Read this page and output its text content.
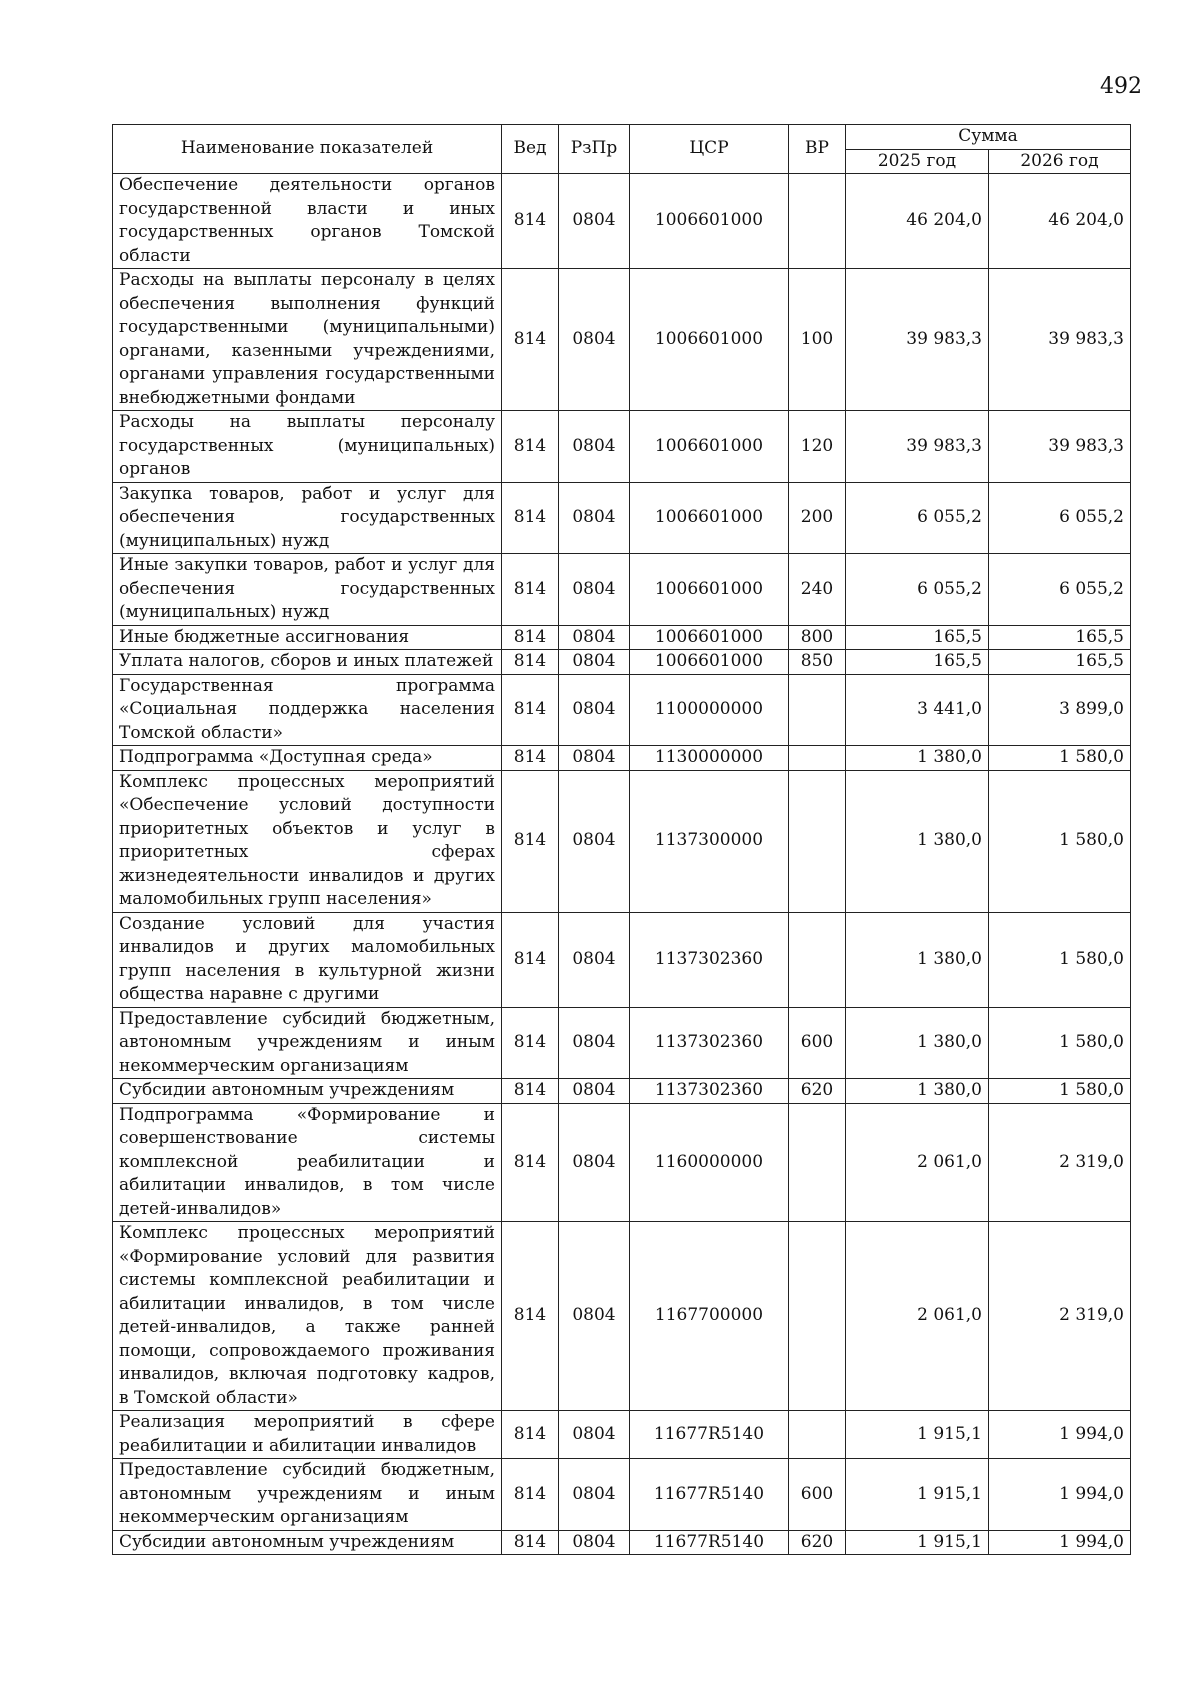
492
Наименование показателей	Вед	РзПр	ЦСР	ВР	Сумма	
					2025 год	2026 год
Обеспечение деятельности органов государственной власти и иных государственных органов Томской области	814	0804	1006601000		46 204,0	46 204,0
Расходы на выплаты персоналу в целях обеспечения выполнения функций государственными (муниципальными) органами, казенными учреждениями, органами управления государственными внебюджетными фондами	814	0804	1006601000	100	39 983,3	39 983,3
Расходы на выплаты персоналу государственных (муниципальных) органов	814	0804	1006601000	120	39 983,3	39 983,3
Закупка товаров, работ и услуг для обеспечения государственных (муниципальных) нужд	814	0804	1006601000	200	6 055,2	6 055,2
Иные закупки товаров, работ и услуг для обеспечения государственных (муниципальных) нужд	814	0804	1006601000	240	6 055,2	6 055,2
Иные бюджетные ассигнования	814	0804	1006601000	800	165,5	165,5
Уплата налогов, сборов и иных платежей	814	0804	1006601000	850	165,5	165,5
Государственная программа «Социальная поддержка населения Томской области»	814	0804	1100000000		3 441,0	3 899,0
Подпрограмма «Доступная среда»	814	0804	1130000000		1 380,0	1 580,0
Комплекс процессных мероприятий «Обеспечение условий доступности приоритетных объектов и услуг в приоритетных сферах жизнедеятельности инвалидов и других маломобильных групп населения»	814	0804	1137300000		1 380,0	1 580,0
Создание условий для участия инвалидов и других маломобильных групп населения в культурной жизни общества наравне с другими	814	0804	1137302360		1 380,0	1 580,0
Предоставление субсидий бюджетным, автономным учреждениям и иным некоммерческим организациям	814	0804	1137302360	600	1 380,0	1 580,0
Субсидии автономным учреждениям	814	0804	1137302360	620	1 380,0	1 580,0
Подпрограмма «Формирование и совершенствование системы комплексной реабилитации и абилитации инвалидов, в том числе детей-инвалидов»	814	0804	1160000000		2 061,0	2 319,0
Комплекс процессных мероприятий «Формирование условий для развития системы комплексной реабилитации и абилитации инвалидов, в том числе детей-инвалидов, а также ранней помощи, сопровождаемого проживания инвалидов, включая подготовку кадров, в Томской области»	814	0804	1167700000		2 061,0	2 319,0
Реализация мероприятий в сфере реабилитации и абилитации инвалидов	814	0804	11677R5140		1 915,1	1 994,0
Предоставление субсидий бюджетным, автономным учреждениям и иным некоммерческим организациям	814	0804	11677R5140	600	1 915,1	1 994,0
Субсидии автономным учреждениям	814	0804	11677R5140	620	1 915,1	1 994,0
